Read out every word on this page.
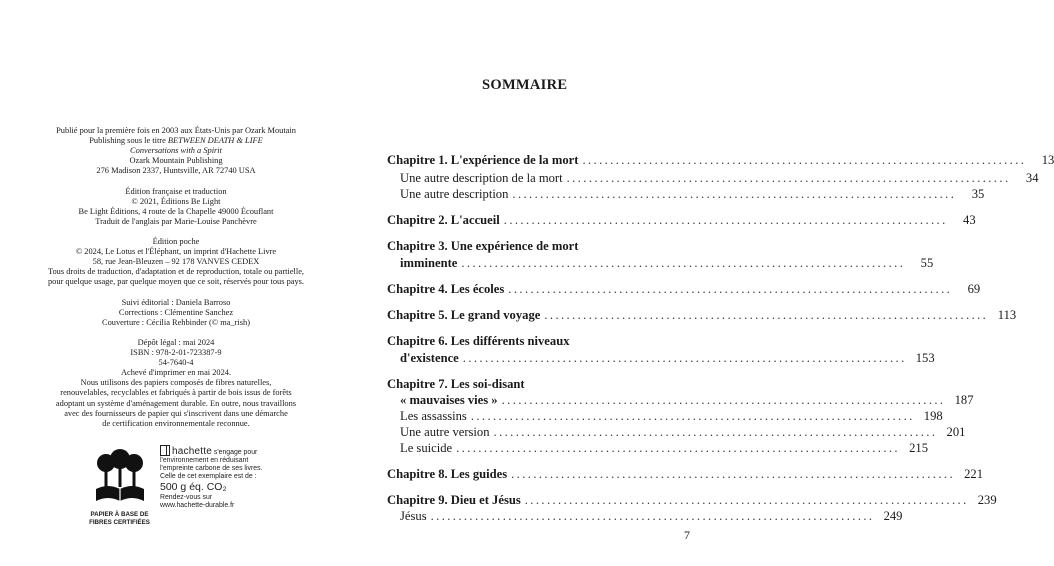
Publié pour la première fois en 2003 aux États-Unis par Ozark Moutain
Publishing sous le titre BETWEEN DEATH & LIFE
Conversations with a Spirit
Ozark Mountain Publishing
276 Madison 2337, Huntsville, AR 72740 USA
Édition française et traduction
© 2021, Éditions Be Light
Be Light Éditions, 4 route de la Chapelle 49000 Écouflant
Traduit de l'anglais par Marie-Louise Panchèvre
Édition poche
© 2024, Le Lotus et l'Éléphant, un imprint d'Hachette Livre
58, rue Jean-Bleuzen – 92 178 VANVES CEDEX
Tous droits de traduction, d'adaptation et de reproduction, totale ou partielle,
pour quelque usage, par quelque moyen que ce soit, réservés pour tous pays.
Suivi éditorial : Daniela Barroso
Corrections : Clémentine Sanchez
Couverture : Cécilia Rehbinder (© ma_rish)
Dépôt légal : mai 2024
ISBN : 978-2-01-723387-9
54-7640-4
Achevé d'imprimer en mai 2024.
Nous utilisons des papiers composés de fibres naturelles,
renouvelables, recyclables et fabriqués à partir de bois issus de forêts
adoptant un système d'aménagement durable. En outre, nous travaillons
avec des fournisseurs de papier qui s'inscrivent dans une démarche
de certification environnementale reconnue.
PAPIER À BASE DE
FIBRES CERTIFIÉES
hachette s'engage pour
l'environnement en réduisant
l'empreinte carbone de ses livres.
Celle de cet exemplaire est de :
500 g éq. CO₂
Rendez-vous sur
www.hachette-durable.fr
SOMMAIRE
Chapitre 1. L'expérience de la mort ................................................................................	13
Une autre description de la mort ................................................................................	34
Une autre description ................................................................................	35
Chapitre 2. L'accueil ................................................................................	43
Chapitre 3. Une expérience de mort
imminente ................................................................................	55
Chapitre 4. Les écoles ................................................................................	69
Chapitre 5. Le grand voyage ................................................................................ 113
Chapitre 6. Les différents niveaux
d'existence ................................................................................ 153
Chapitre 7. Les soi-disant
« mauvaises vies » ................................................................................ 187
Les assassins ................................................................................ 198
Une autre version ................................................................................ 201
Le suicide ................................................................................ 215
Chapitre 8. Les guides ................................................................................ 221
Chapitre 9. Dieu et Jésus ................................................................................ 239
Jésus ................................................................................ 249
7
